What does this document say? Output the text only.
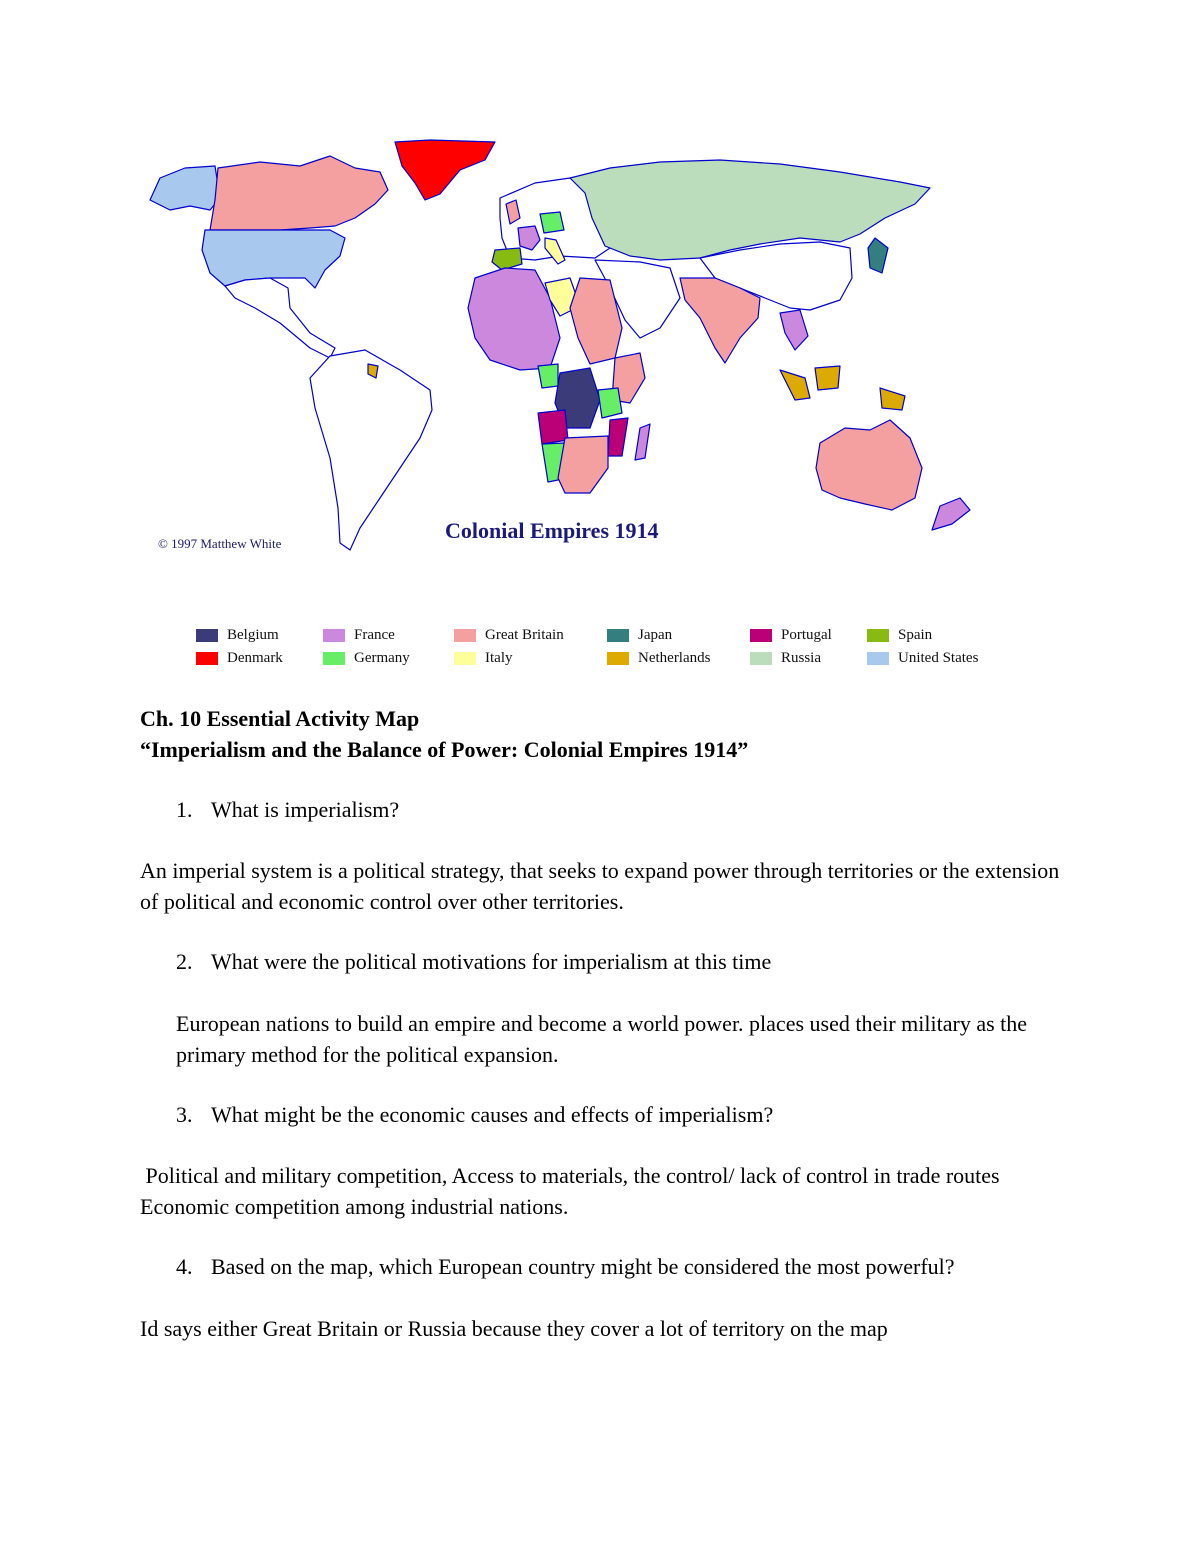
© 1997 Matthew White
Colonial Empires 1914
Belgium	France	Great Britain	Japan	Portugal	Spain
Denmark	Germany	Italy	Netherlands	Russia	United States
Ch. 10 Essential Activity Map
“Imperialism and the Balance of Power: Colonial Empires 1914”
1. What is imperialism?
An imperial system is a political strategy, that seeks to expand power through territories or the extension of political and economic control over other territories.
2. What were the political motivations for imperialism at this time
European nations to build an empire and become a world power. places used their military as the primary method for the political expansion.
3. What might be the economic causes and effects of imperialism?
Political and military competition, Access to materials, the control/ lack of control in trade routes Economic competition among industrial nations.
4. Based on the map, which European country might be considered the most powerful?
Id says either Great Britain or Russia because they cover a lot of territory on the map
